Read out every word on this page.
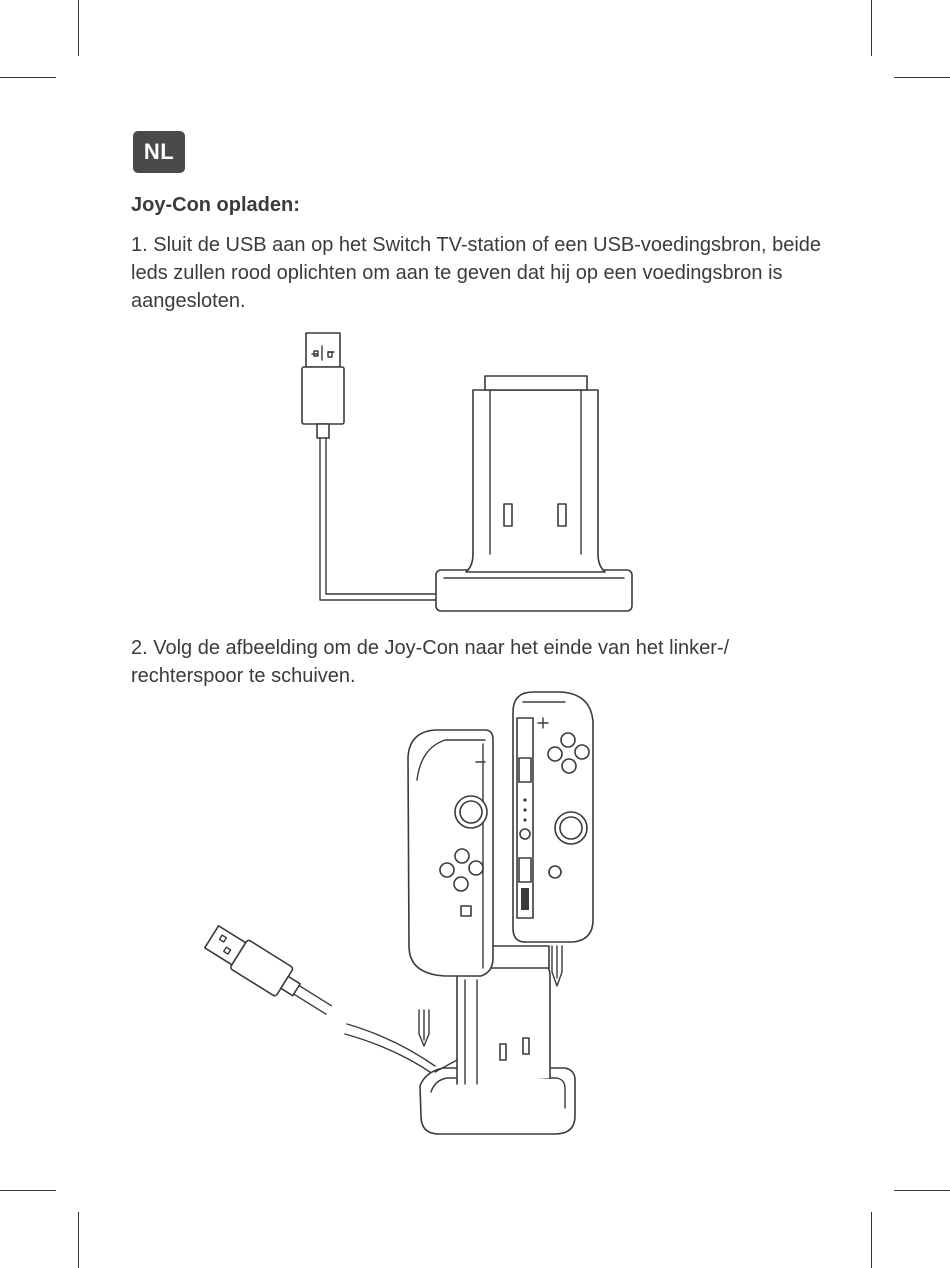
NL
Joy-Con opladen:

1. Sluit de USB aan op het Switch TV-station of een USB-voedingsbron, beide leds zullen rood oplichten om aan te geven dat hij op een voedingsbron is aangesloten.

2. Volg de afbeelding om de Joy-Con naar het einde van het linker-/ rechterspoor te schuiven.
